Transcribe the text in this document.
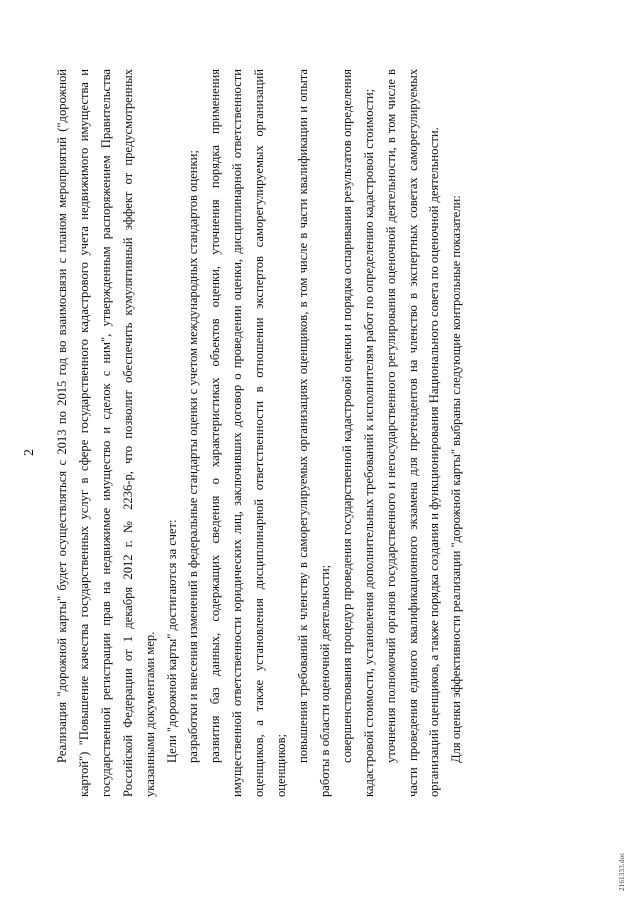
2 Реализация "дорожной карты" будет осуществляться с 2013 по 2015 год во взаимосвязи с планом мероприятий ("дорожной картой") "Повышение качества государственных услуг в сфере государственного кадастрового учета недвижимого имущества и государственной регистрации прав на недвижимое имущество и сделок с ним", утвержденным распоряжением Правительства Российской Федерации от 1 декабря 2012 г. № 2236-р, что позволит обеспечить кумулятивный эффект от предусмотренных указанными документами мер. Цели "дорожной карты" достигаются за счет: разработки и внесения изменений в федеральные стандарты оценки с учетом международных стандартов оценки; развития баз данных, содержащих сведения о характеристиках объектов оценки, уточнения порядка применения имущественной ответственности юридических лиц, заключивших договор о проведении оценки, дисциплинарной ответственности оценщиков, а также установления дисциплинарной ответственности в отношении экспертов саморегулируемых организаций оценщиков;

повышения требований к членству в саморегулируемых организациях оценщиков, в том числе в части квалификации и опыта работы в области оценочной деятельности; совершенствования процедур проведения государственной кадастровой оценки и порядка оспаривания результатов определения кадастровой стоимости, установления дополнительных требований к исполнителям работ по определению кадастровой стоимости; уточнения полномочий органов государственного и негосударственного регулирования оценочной деятельности, в том числе в части проведения единого квалификационного экзамена для претендентов на членство в экспертных советах саморегулируемых организаций оценщиков, а также порядка создания и функционирования Национального совета по оценочной деятельности. Для оценки эффективности реализации "дорожной карты" выбраны следующие контрольные показатели:

2161333.doc
